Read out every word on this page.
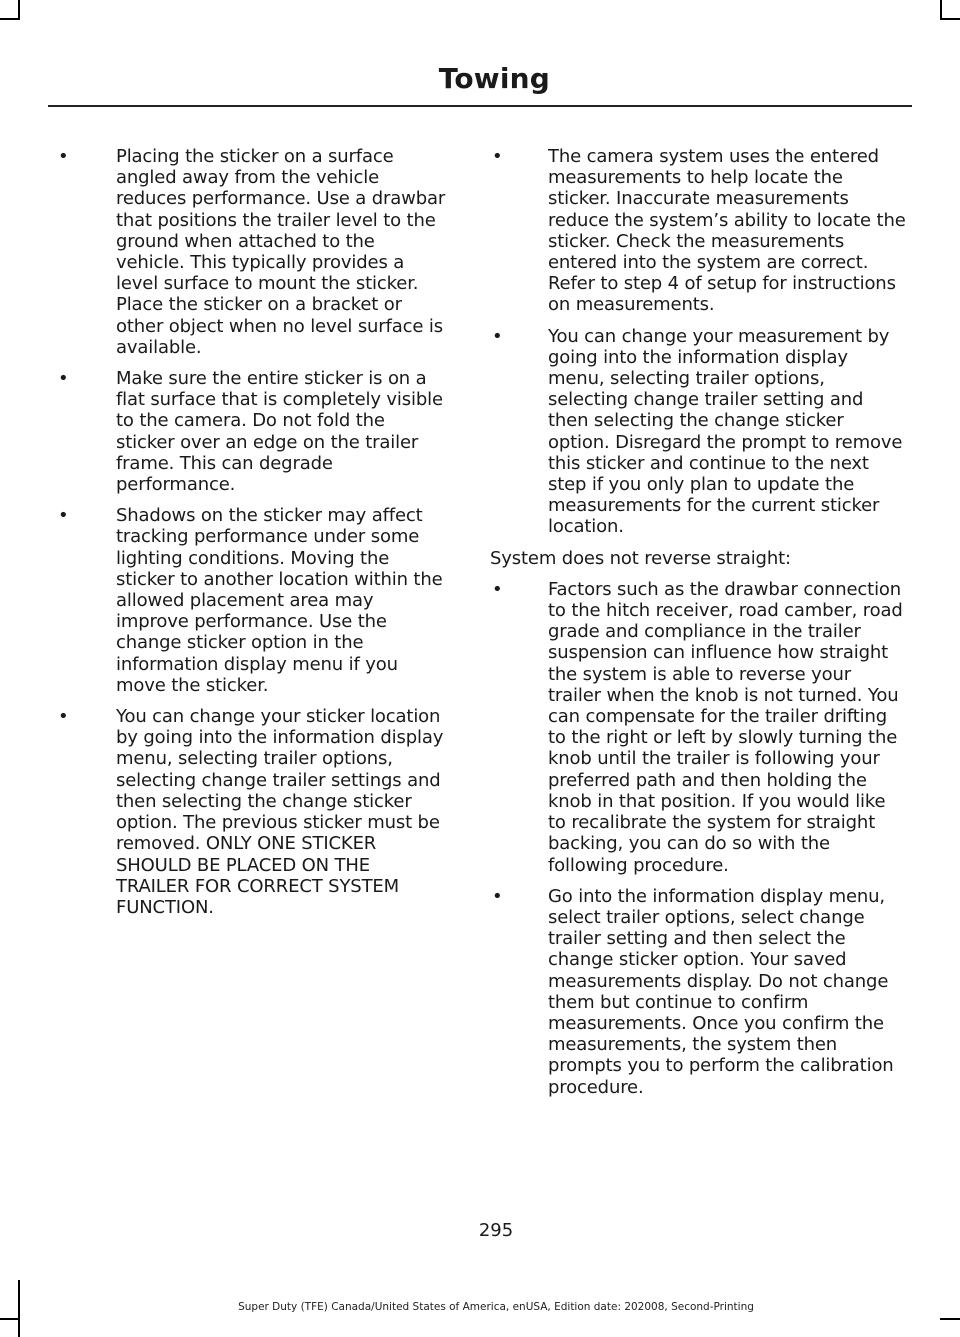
Towing
•	Placing the sticker on a surface angled away from the vehicle reduces performance. Use a drawbar that positions the trailer level to the ground when attached to the vehicle. This typically provides a level surface to mount the sticker. Place the sticker on a bracket or other object when no level surface is available.
•	Make sure the entire sticker is on a flat surface that is completely visible to the camera. Do not fold the sticker over an edge on the trailer frame. This can degrade performance.
•	Shadows on the sticker may affect tracking performance under some lighting conditions. Moving the sticker to another location within the allowed placement area may improve performance. Use the change sticker option in the information display menu if you move the sticker.
•	You can change your sticker location by going into the information display menu, selecting trailer options, selecting change trailer settings and then selecting the change sticker option. The previous sticker must be removed. ONLY ONE STICKER SHOULD BE PLACED ON THE TRAILER FOR CORRECT SYSTEM FUNCTION.
•	The camera system uses the entered measurements to help locate the sticker. Inaccurate measurements reduce the system’s ability to locate the sticker. Check the measurements entered into the system are correct. Refer to step 4 of setup for instructions on measurements.
•	You can change your measurement by going into the information display menu, selecting trailer options, selecting change trailer setting and then selecting the change sticker option. Disregard the prompt to remove this sticker and continue to the next step if you only plan to update the measurements for the current sticker location.

System does not reverse straight:

•	Factors such as the drawbar connection to the hitch receiver, road camber, road grade and compliance in the trailer suspension can influence how straight the system is able to reverse your trailer when the knob is not turned. You can compensate for the trailer drifting to the right or left by slowly turning the knob until the trailer is following your preferred path and then holding the knob in that position. If you would like to recalibrate the system for straight backing, you can do so with the following procedure.
•	Go into the information display menu, select trailer options, select change trailer setting and then select the change sticker option. Your saved measurements display. Do not change them but continue to confirm measurements. Once you confirm the measurements, the system then prompts you to perform the calibration procedure.
295
Super Duty (TFE) Canada/United States of America, enUSA, Edition date: 202008, Second-Printing
